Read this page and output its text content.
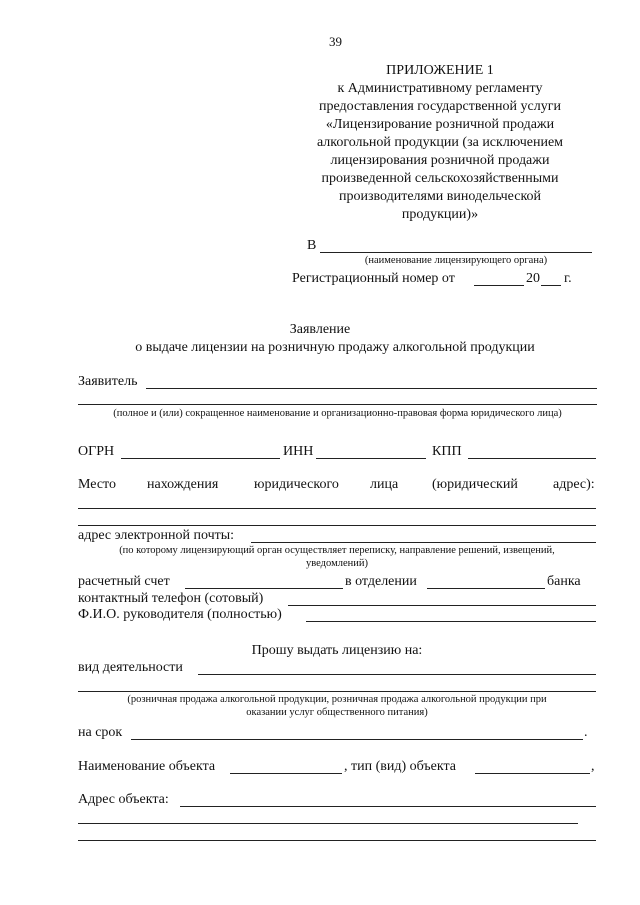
39
ПРИЛОЖЕНИЕ 1
к Административному регламенту
предоставления государственной услуги
«Лицензирование розничной продажи
алкогольной продукции (за исключением
лицензирования розничной продажи
произведенной сельскохозяйственными
производителями винодельческой
продукции)»
В
(наименование лицензирующего органа)
Регистрационный номер от	20 г.
Заявление
о выдаче лицензии на розничную продажу алкогольной продукции
Заявитель
(полное и (или) сокращенное наименование и организационно-правовая форма юридического лица)
ОГРН	ИНН	КПП
Место нахождения	юридического лица (юридический	адрес):
адрес электронной почты:
(по которому лицензирующий орган осуществляет переписку, направление решений, извещений,
уведомлений)
расчетный счет	в отделении	банка
контактный телефон (сотовый)
Ф.И.О. руководителя (полностью)
Прошу выдать лицензию на:
вид деятельности
(розничная продажа алкогольной продукции, розничная продажа алкогольной продукции при
оказании услуг общественного питания)
на срок	.
Наименование объекта	, тип (вид) объекта	,
Адрес объекта:
